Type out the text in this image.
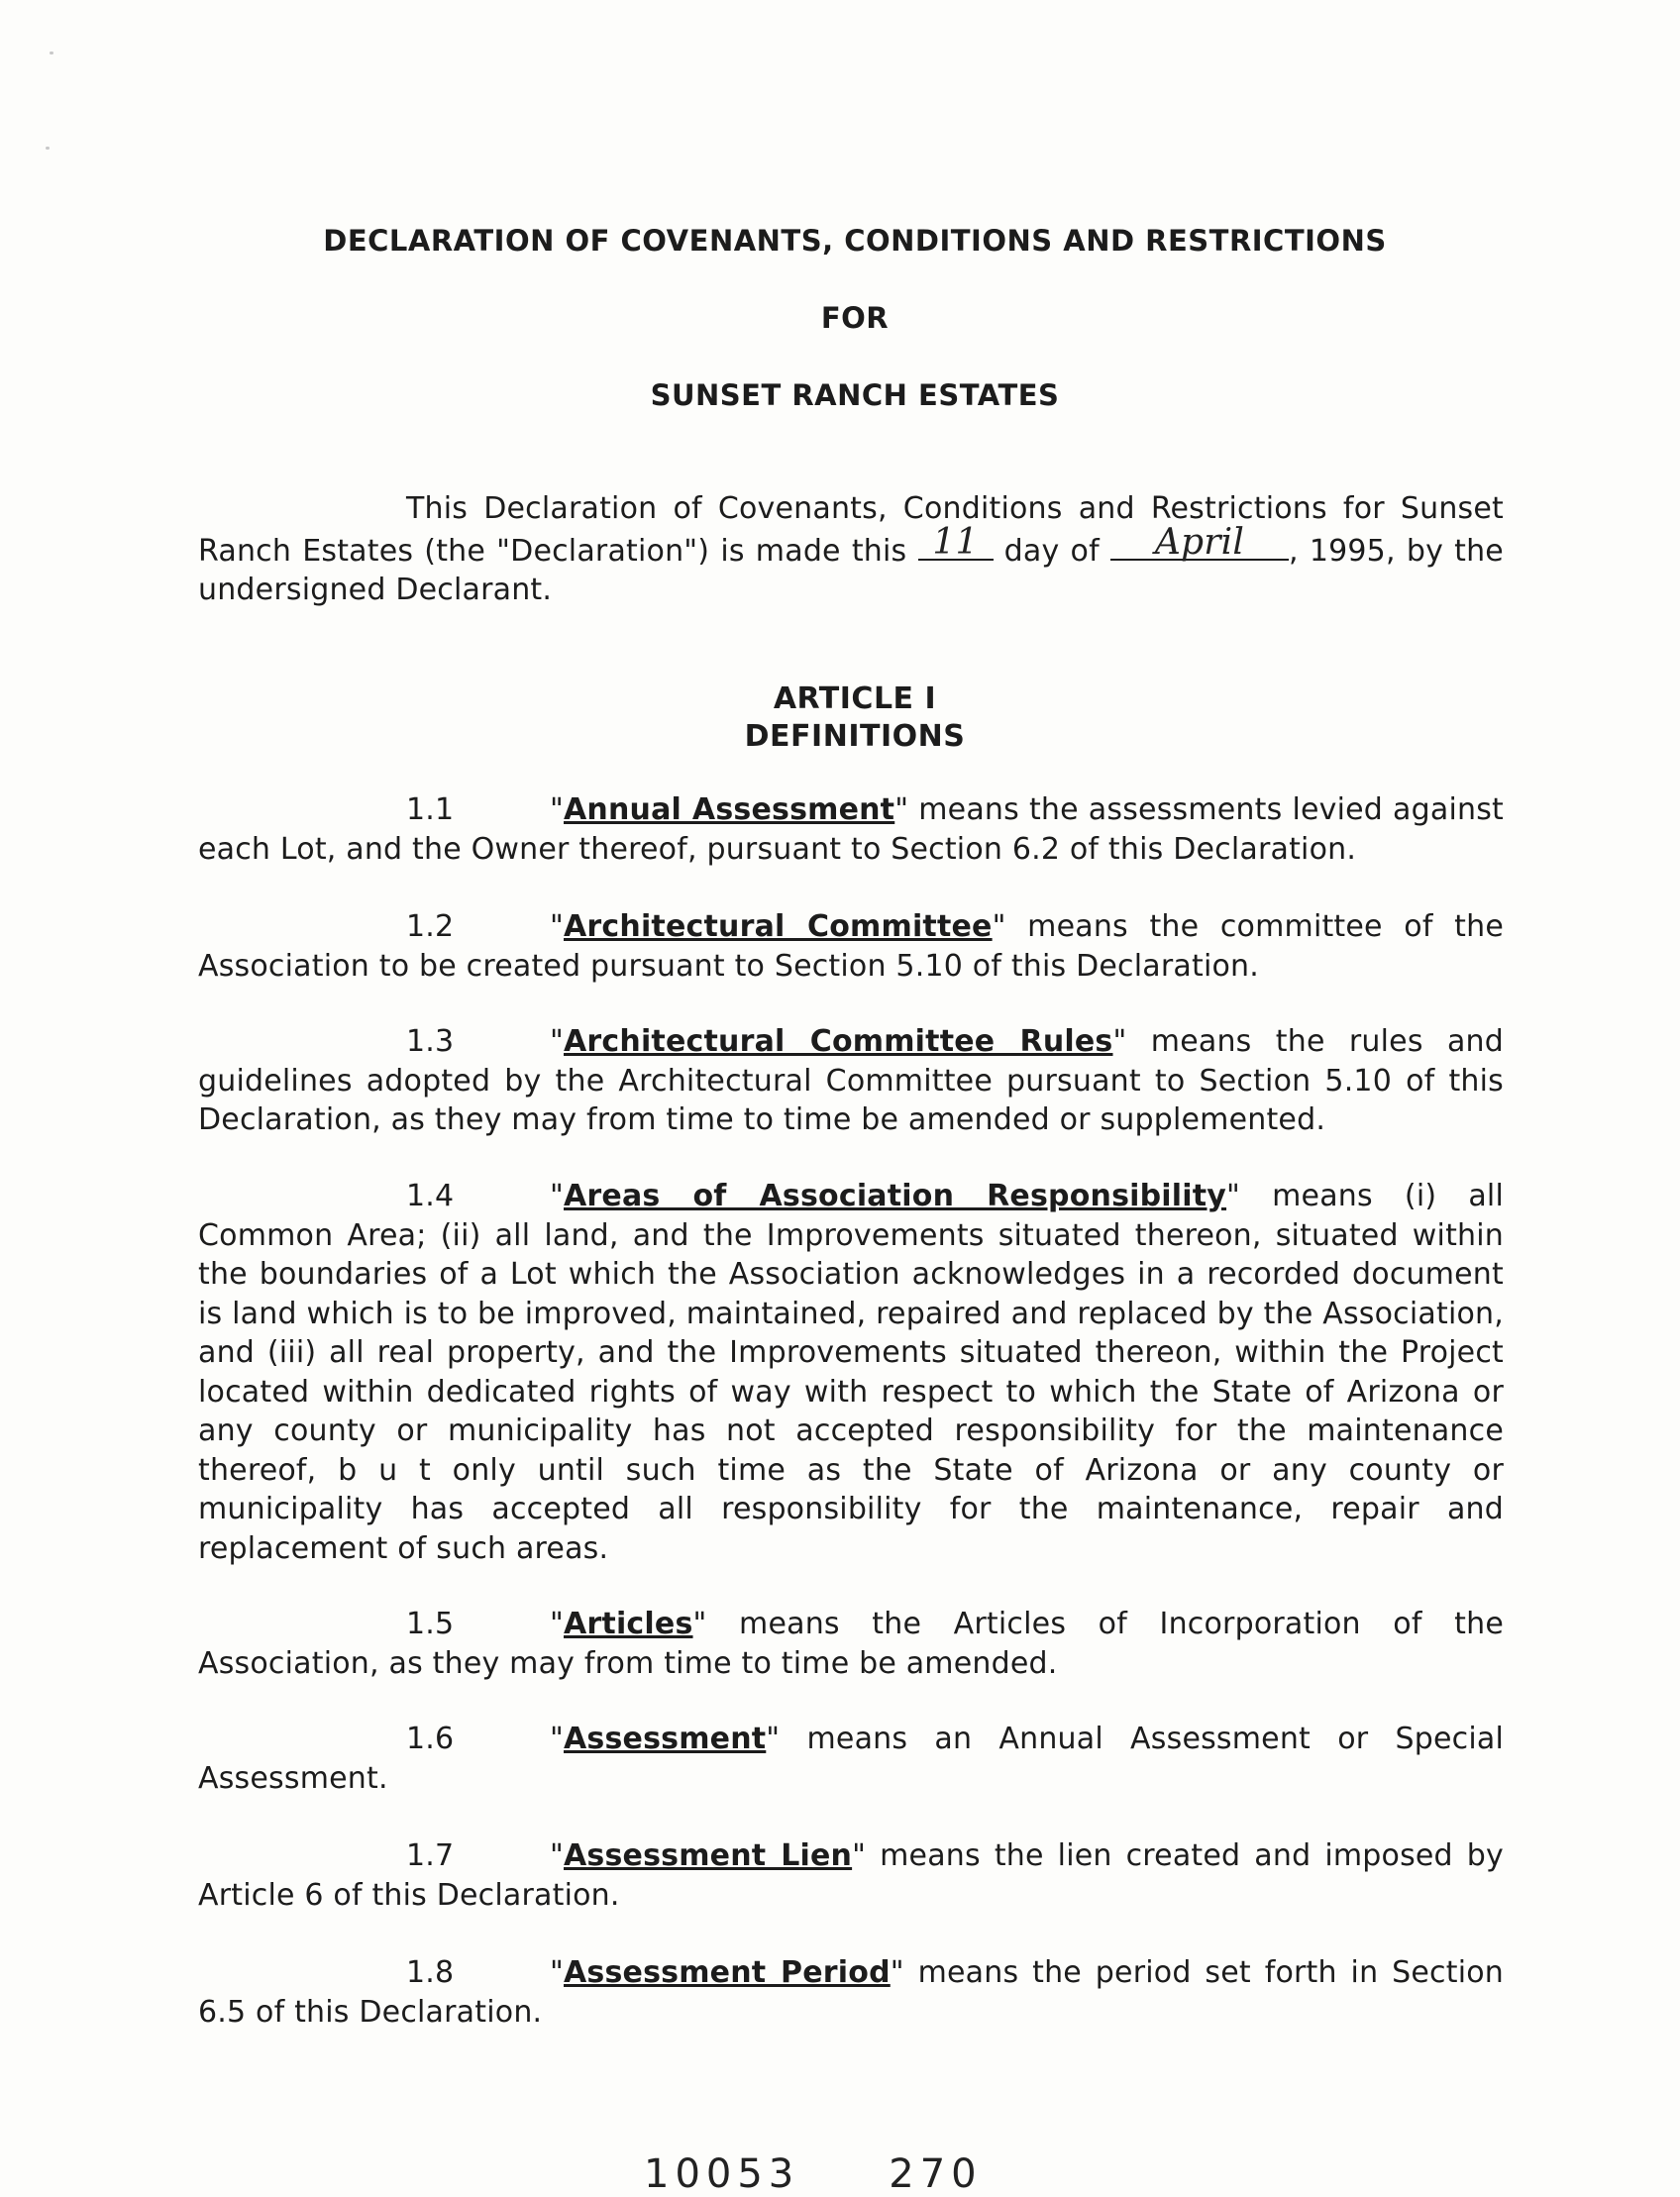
DECLARATION OF COVENANTS, CONDITIONS AND RESTRICTIONS
FOR
SUNSET RANCH ESTATES
This Declaration of Covenants, Conditions and Restrictions for Sunset Ranch Estates (the "Declaration") is made this 11 day of	April	, 1995, by the undersigned Declarant.
ARTICLE I
DEFINITIONS
1.1	"Annual Assessment" means the assessments levied against each Lot, and the Owner thereof, pursuant to Section 6.2 of this Declaration.
1.2	"Architectural Committee" means the committee of the Association to be created pursuant to Section 5.10 of this Declaration.
1.3	"Architectural Committee Rules" means the rules and guidelines adopted by the Architectural Committee pursuant to Section 5.10 of this Declaration, as they may from time to time be amended or supplemented.
1.4	"Areas of Association Responsibility" means (i) all Common Area; (ii) all land, and the Improvements situated thereon, situated within the boundaries of a Lot which the Association acknowledges in a recorded document is land which is to be improved, maintained, repaired and replaced by the Association, and (iii) all real property, and the Improvements situated thereon, within the Project located within dedicated rights of way with respect to which the State of Arizona or any county or municipality has not accepted responsibility for the maintenance thereof, b u t only until such time as the State of Arizona or any county or municipality has accepted all responsibility for the maintenance, repair and replacement of such areas.
1.5	"Articles" means the Articles of Incorporation of the Association, as they may from time to time be amended.
1.6	"Assessment" means an Annual Assessment or Special Assessment.
1.7	"Assessment Lien" means the lien created and imposed by Article 6 of this Declaration.
1.8	"Assessment Period" means the period set forth in Section 6.5 of this Declaration.
10053 270
